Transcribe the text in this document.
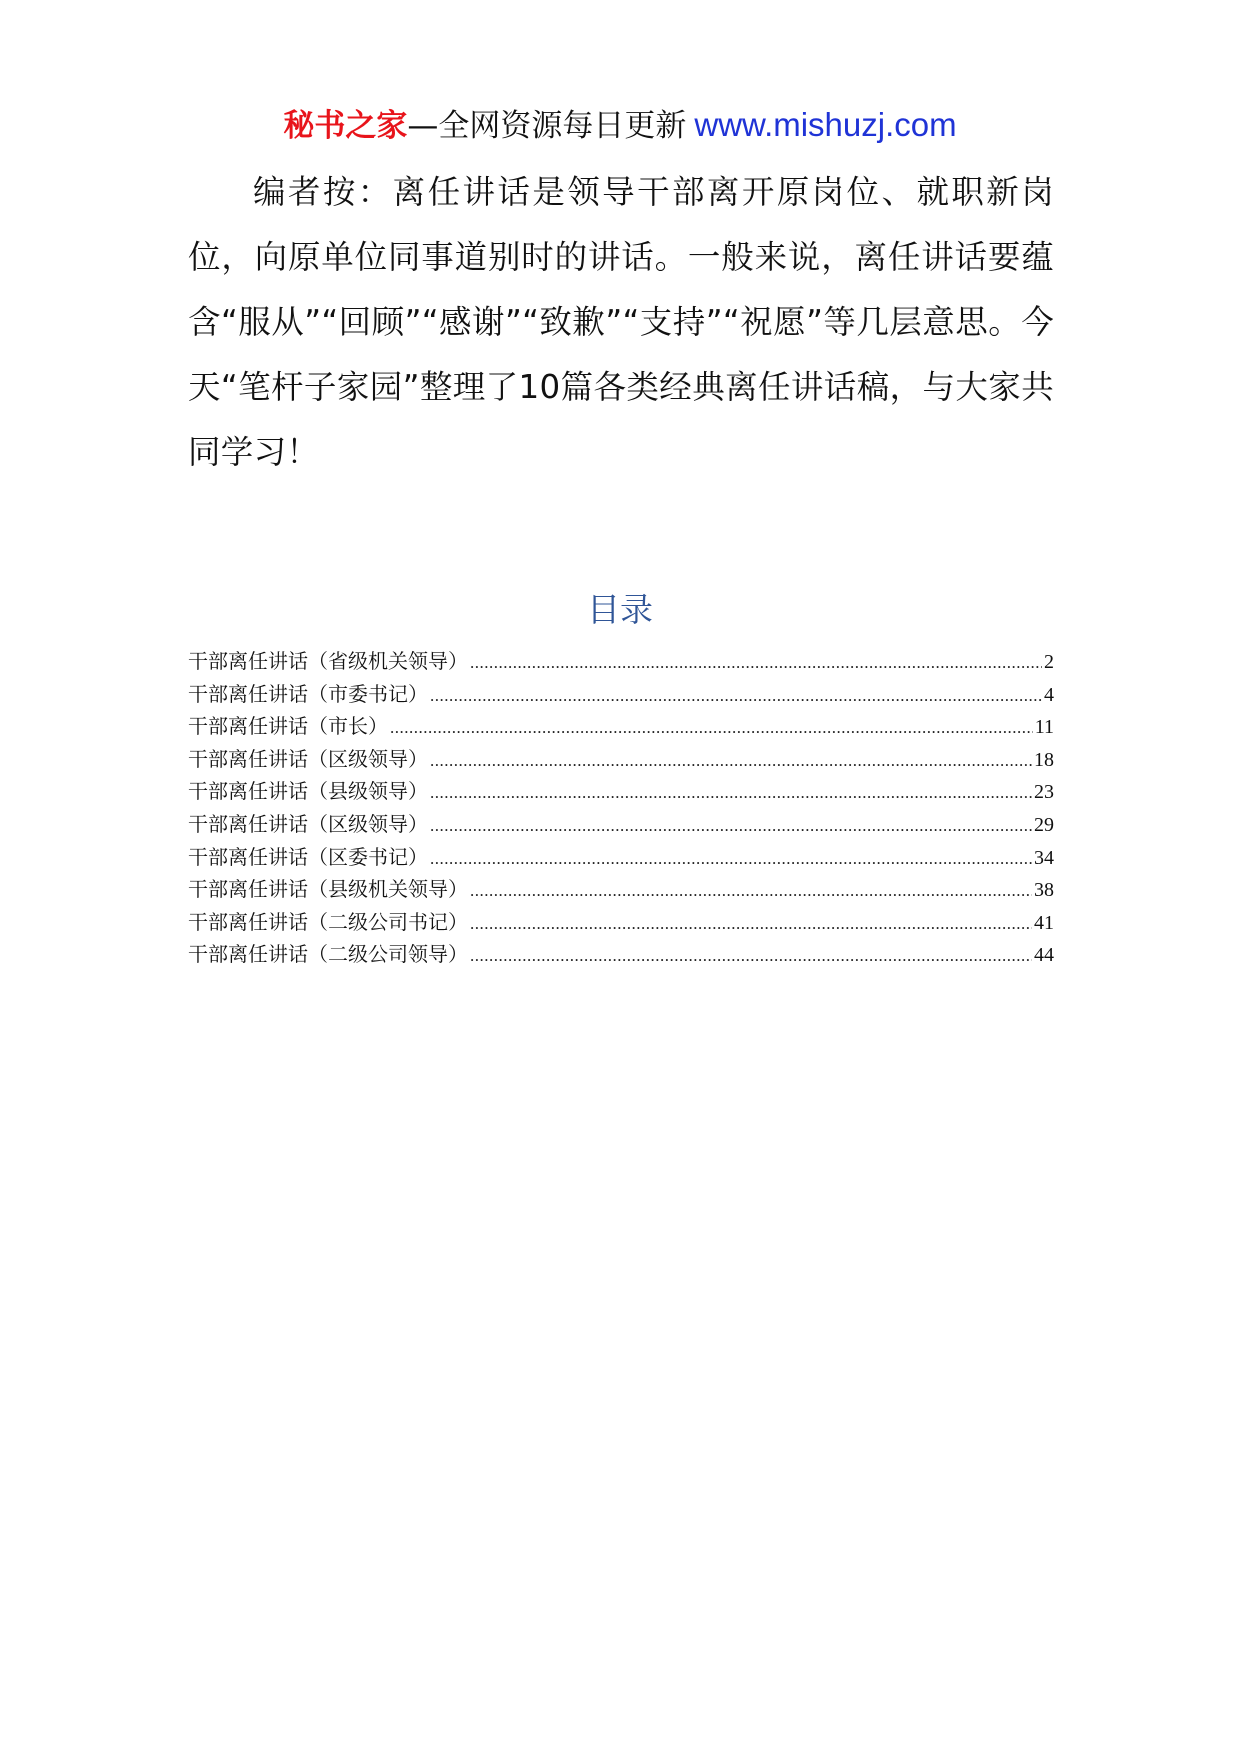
秘书之家—全网资源每日更新 www.mishuzj.com

编者按：离任讲话是领导干部离开原岗位、就职新岗位，向原单位同事道别时的讲话。一般来说，离任讲话要蕴含“服从”“回顾”“感谢”“致歉”“支持”“祝愿”等几层意思。今天“笔杆子家园”整理了10篇各类经典离任讲话稿，与大家共同学习！

目录
干部离任讲话（省级机关领导） .....	2
干部离任讲话（市委书记） .....	4
干部离任讲话（市长） .....	11
干部离任讲话（区级领导） .....	18
干部离任讲话（县级领导） .....	23
干部离任讲话（区级领导） .....	29
干部离任讲话（区委书记） .....	34
干部离任讲话（县级机关领导） .....	38
干部离任讲话（二级公司书记） .....	41
干部离任讲话（二级公司领导） .....	44
